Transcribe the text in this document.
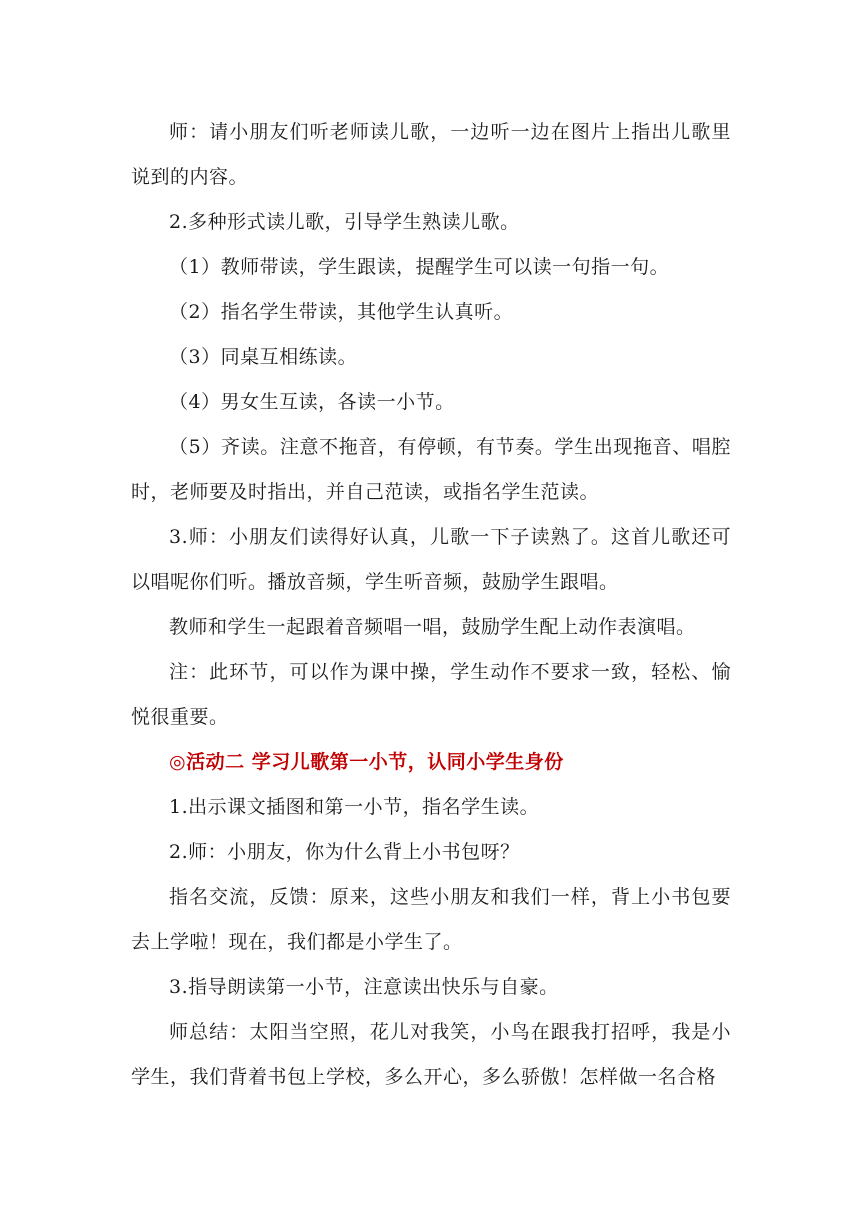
师：请小朋友们听老师读儿歌，一边听一边在图片上指出儿歌里说到的内容。

2.多种形式读儿歌，引导学生熟读儿歌。

（1）教师带读，学生跟读，提醒学生可以读一句指一句。

（2）指名学生带读，其他学生认真听。

（3）同桌互相练读。

（4）男女生互读，各读一小节。

（5）齐读。注意不拖音，有停顿，有节奏。学生出现拖音、唱腔时，老师要及时指出，并自己范读，或指名学生范读。

3.师：小朋友们读得好认真，儿歌一下子读熟了。这首儿歌还可以唱呢你们听。播放音频，学生听音频，鼓励学生跟唱。

教师和学生一起跟着音频唱一唱，鼓励学生配上动作表演唱。

注：此环节，可以作为课中操，学生动作不要求一致，轻松、愉悦很重要。

◎活动二 学习儿歌第一小节，认同小学生身份

1.出示课文插图和第一小节，指名学生读。

2.师：小朋友，你为什么背上小书包呀？

指名交流，反馈：原来，这些小朋友和我们一样，背上小书包要去上学啦！现在，我们都是小学生了。

3.指导朗读第一小节，注意读出快乐与自豪。

师总结：太阳当空照，花儿对我笑，小鸟在跟我打招呼，我是小学生，我们背着书包上学校，多么开心，多么骄傲！怎样做一名合格
